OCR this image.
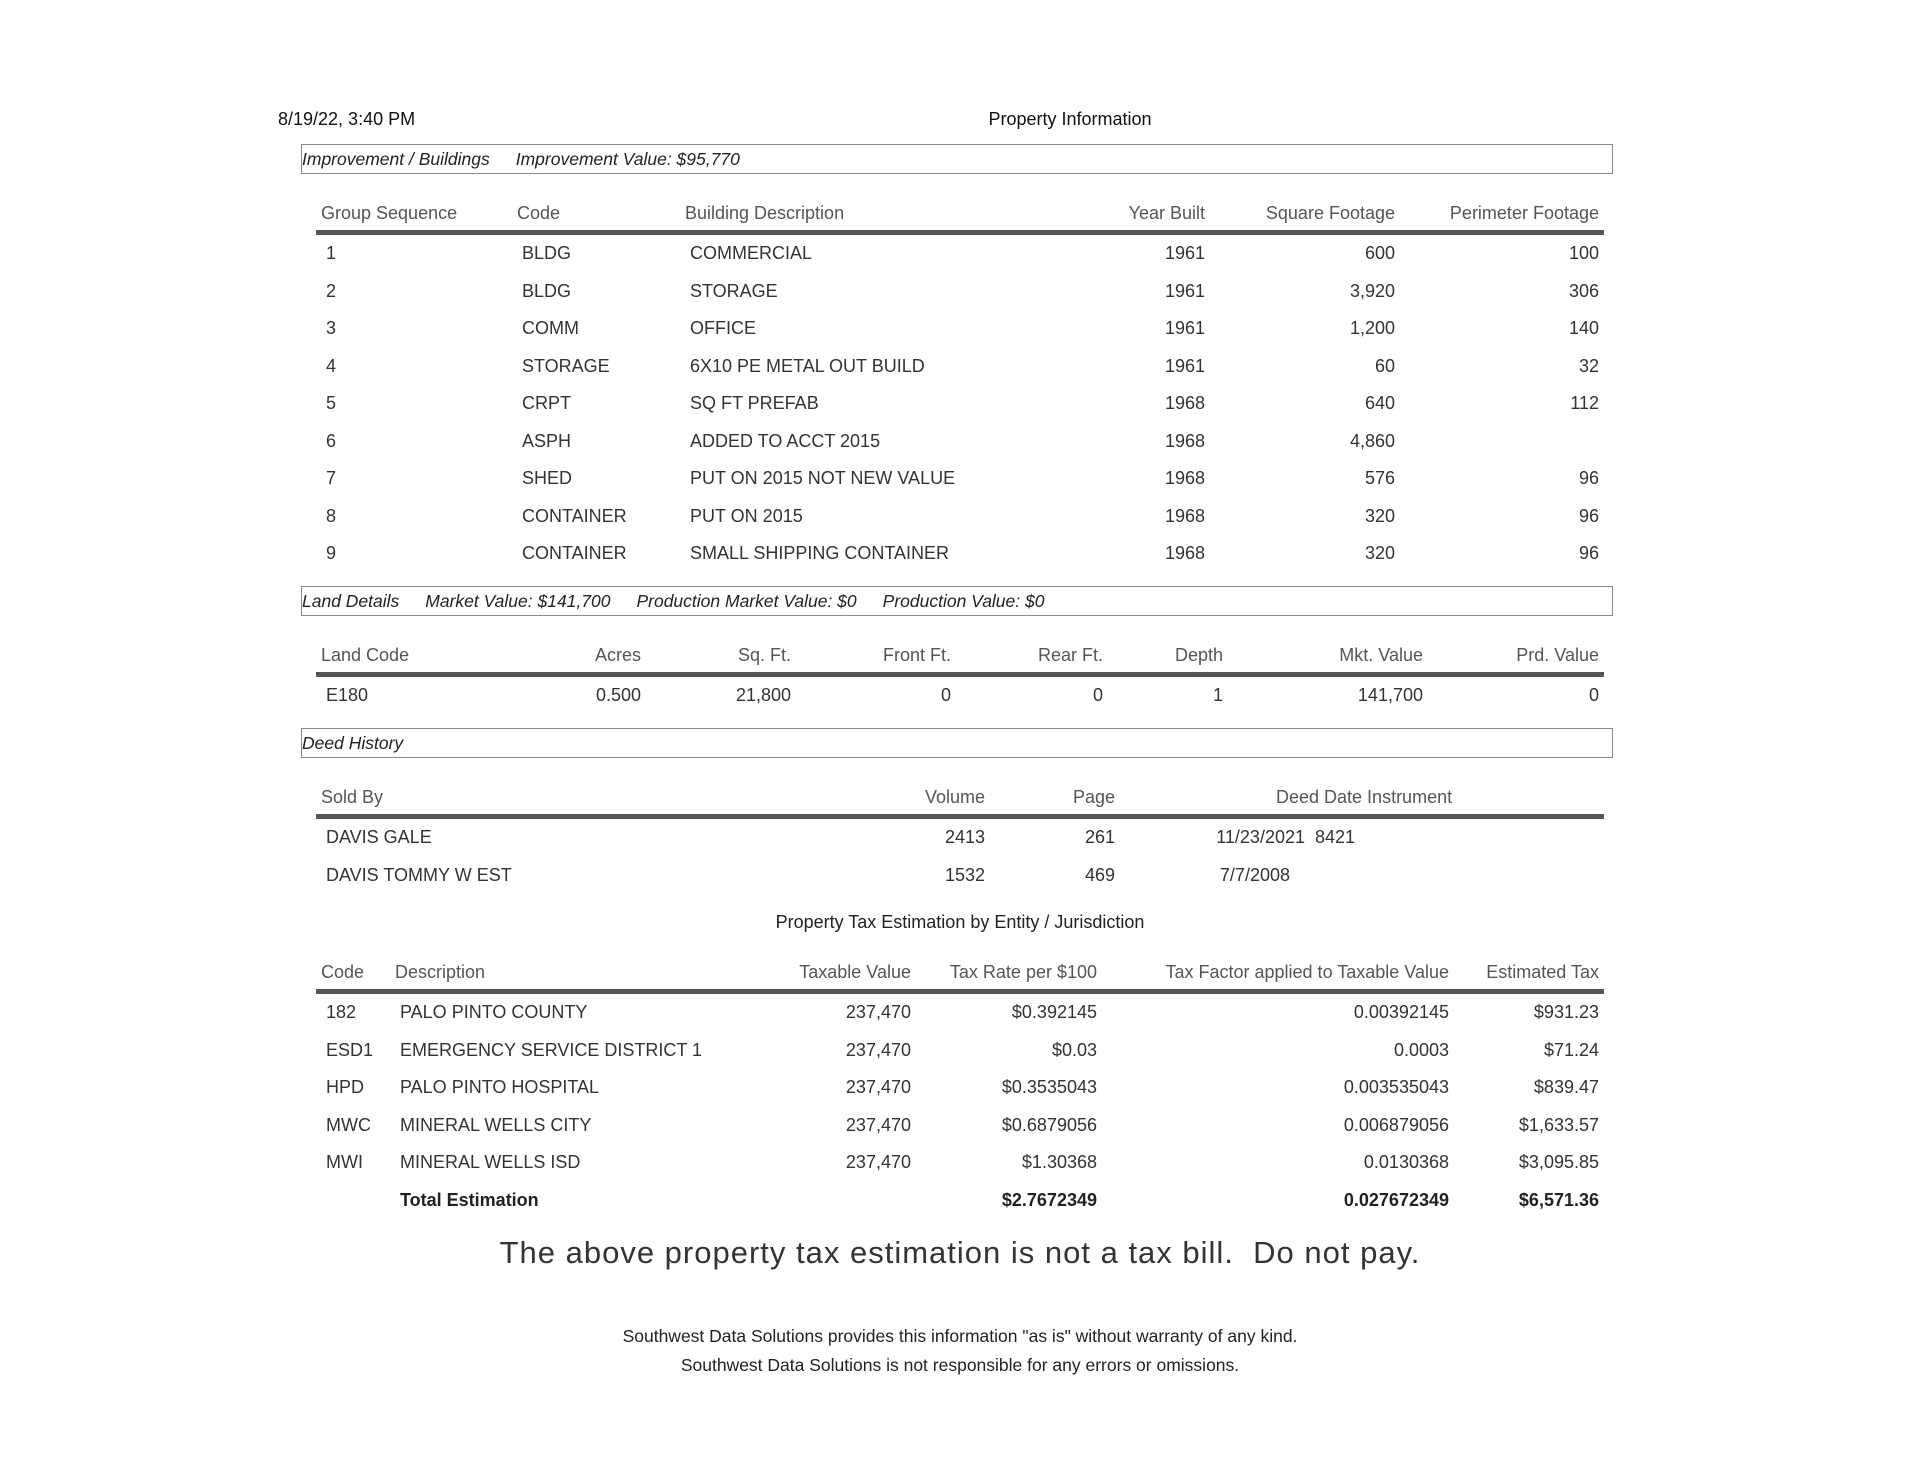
8/19/22, 3:40 PM	Property Information
Improvement / Buildings Improvement Value: $95,770
Group Sequence	Code	Building Description	Year Built	Square Footage	Perimeter Footage
1	BLDG	COMMERCIAL	1961	600	100
2	BLDG	STORAGE	1961	3,920	306
3	COMM	OFFICE	1961	1,200	140
4	STORAGE	6X10 PE METAL OUT BUILD	1961	60	32
5	CRPT	SQ FT PREFAB	1968	640	112
6	ASPH	ADDED TO ACCT 2015	1968	4,860	
7	SHED	PUT ON 2015 NOT NEW VALUE	1968	576	96
8	CONTAINER	PUT ON 2015	1968	320	96
9	CONTAINER	SMALL SHIPPING CONTAINER	1968	320	96
Land Details Market Value: $141,700 Production Market Value: $0 Production Value: $0
Land Code	Acres	Sq. Ft.	Front Ft.	Rear Ft.	Depth	Mkt. Value	Prd. Value
E180	0.500	21,800	0	0	1	141,700	0
Deed History
Sold By	Volume	Page	Deed Date Instrument		
DAVIS GALE	2413	261	11/23/2021	8421	
DAVIS TOMMY W EST	1532	469	7/7/2008		
Property Tax Estimation by Entity / Jurisdiction
Code	Description	Taxable Value	Tax Rate per $100	Tax Factor applied to Taxable Value	Estimated Tax
182	PALO PINTO COUNTY	237,470	$0.392145	0.00392145	$931.23
ESD1	EMERGENCY SERVICE DISTRICT 1	237,470	$0.03	0.0003	$71.24
HPD	PALO PINTO HOSPITAL	237,470	$0.3535043	0.003535043	$839.47
MWC	MINERAL WELLS CITY	237,470	$0.6879056	0.006879056	$1,633.57
MWI	MINERAL WELLS ISD	237,470	$1.30368	0.0130368	$3,095.85
	Total Estimation		$2.7672349	0.027672349	$6,571.36
The above property tax estimation is not a tax bill.  Do not pay.
Southwest Data Solutions provides this information "as is" without warranty of any kind.
Southwest Data Solutions is not responsible for any errors or omissions.
